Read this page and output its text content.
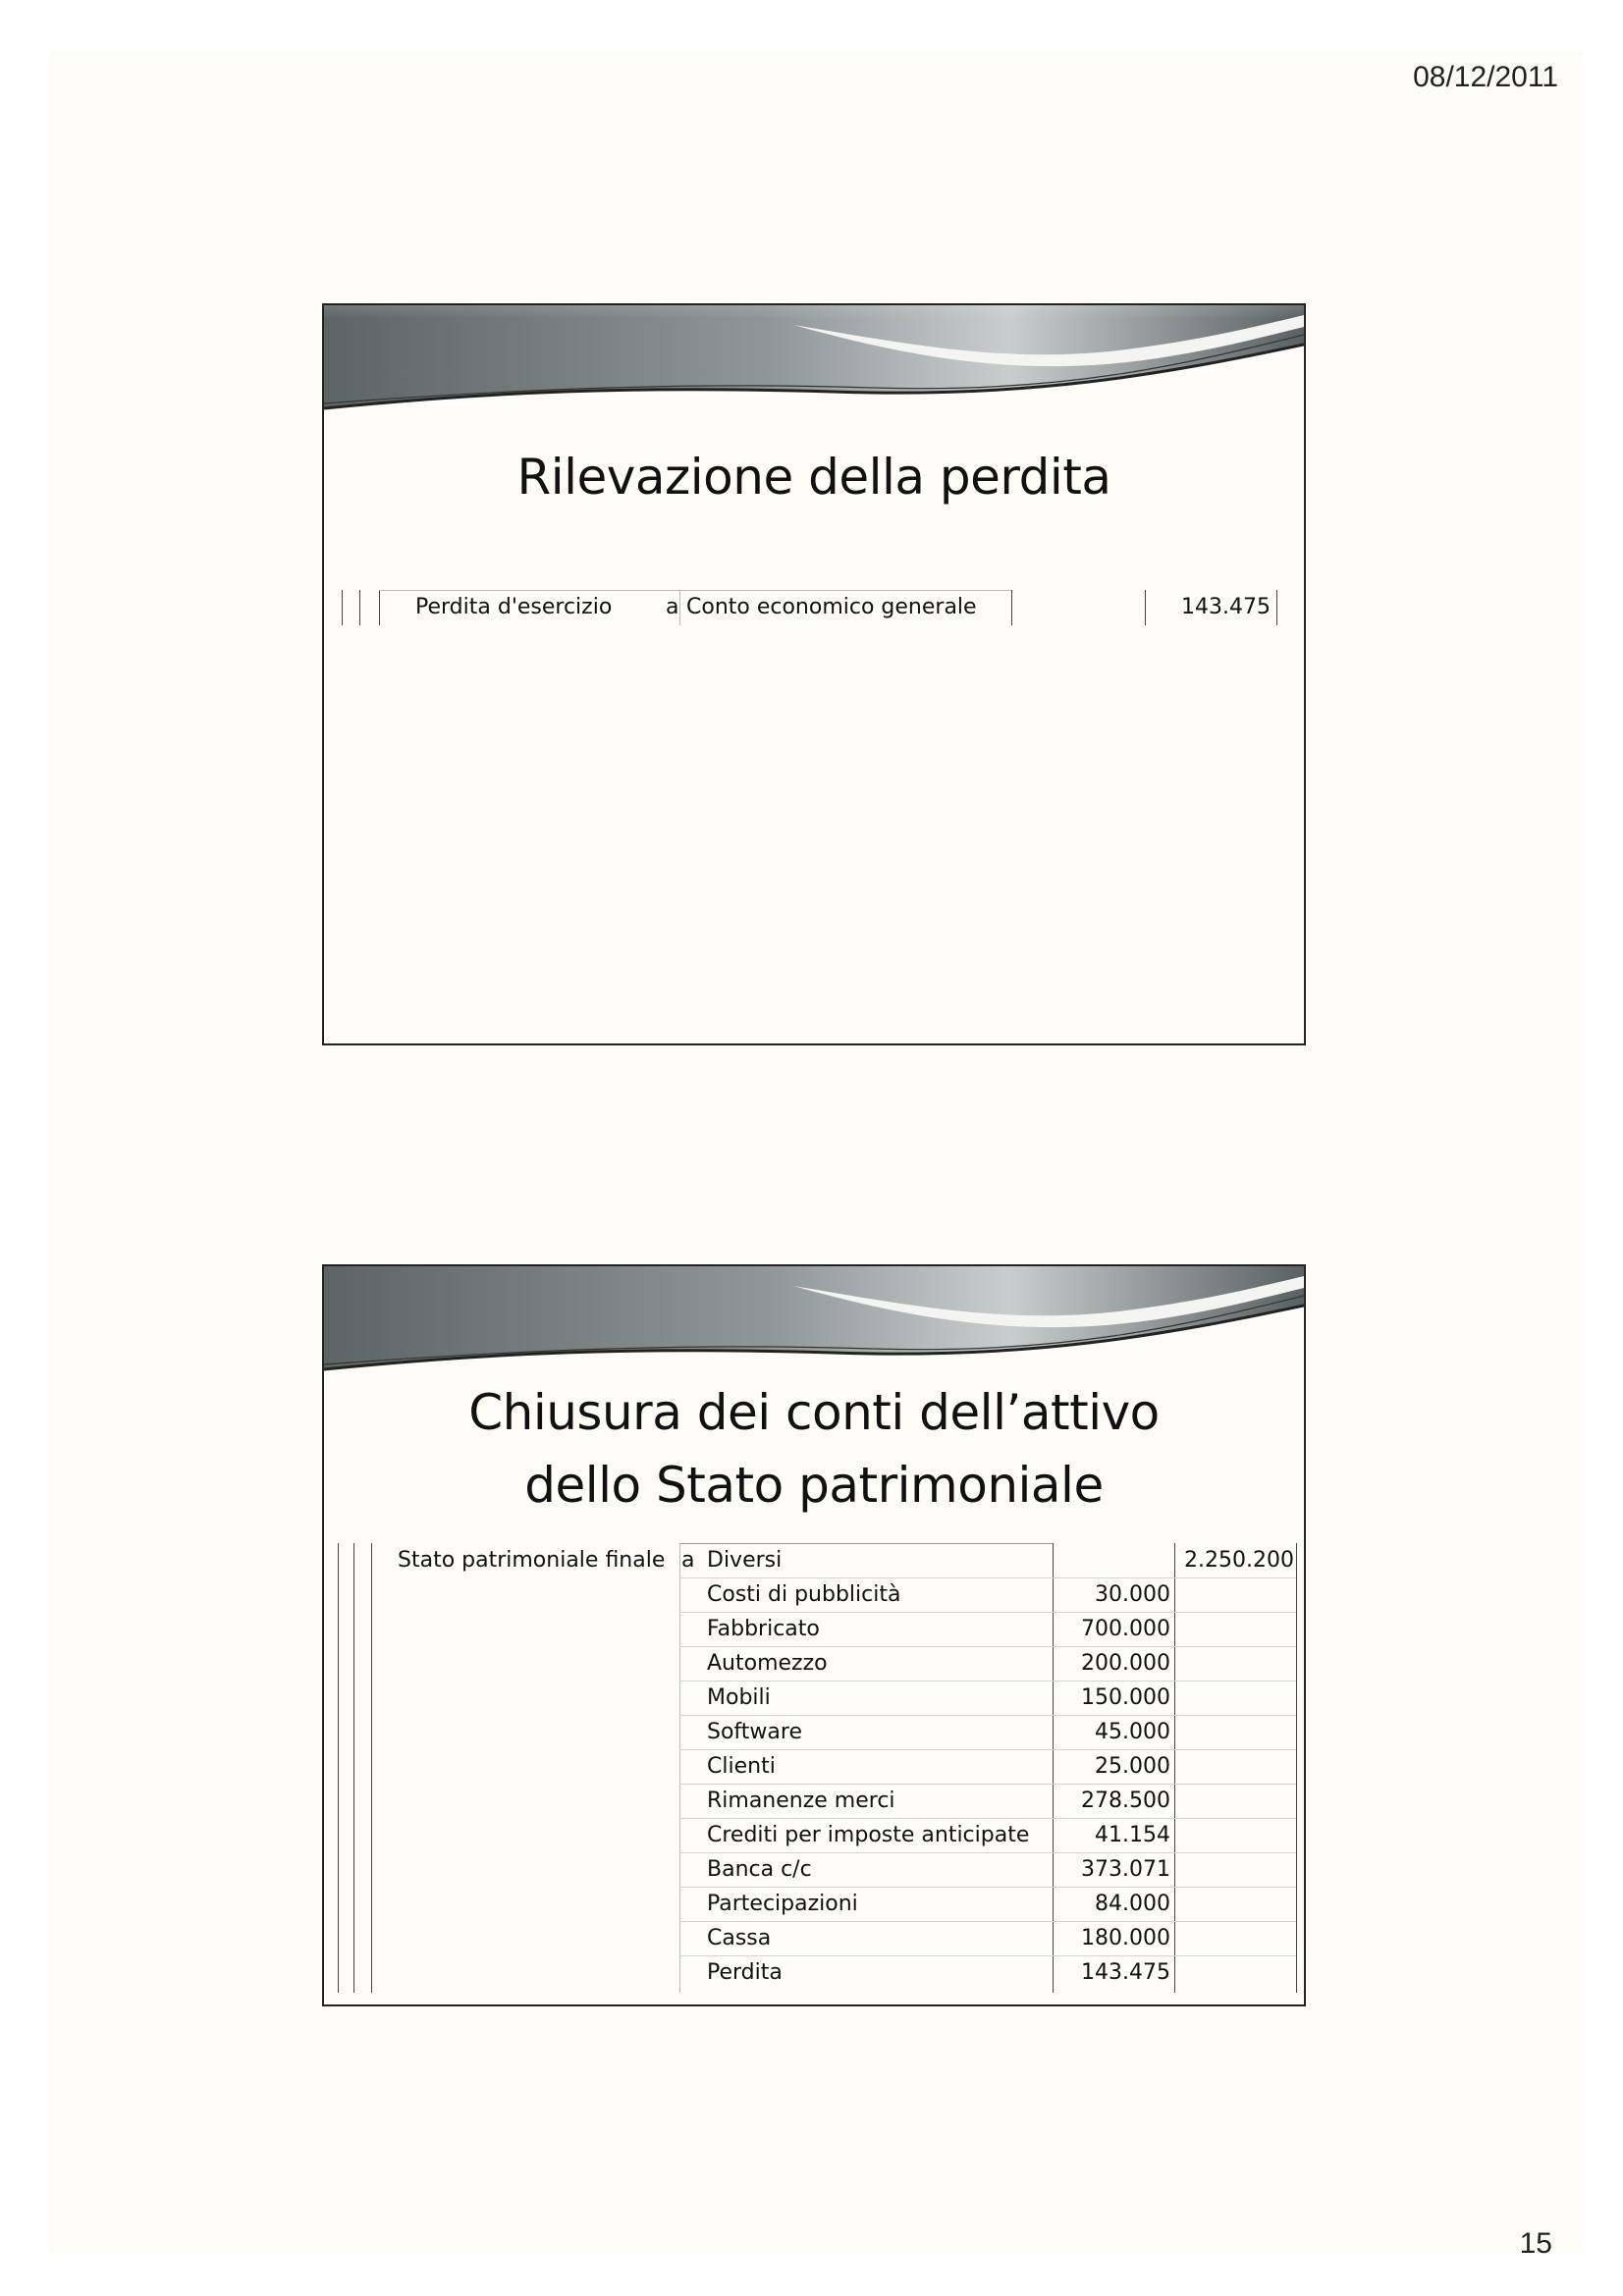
08/12/2011
Rilevazione della perdita
Perdita d'esercizio a Conto economico generale	143.475
Chiusura dei conti dell’attivo
dello Stato patrimoniale
Stato patrimoniale finale a Diversi	2.250.200
Costi di pubblicità	30.000
Fabbricato	700.000
Automezzo	200.000
Mobili	150.000
Software	45.000
Clienti	25.000
Rimanenze merci	278.500
Crediti per imposte anticipate	41.154
Banca c/c	373.071
Partecipazioni	84.000
Cassa	180.000
Perdita	143.475
15
